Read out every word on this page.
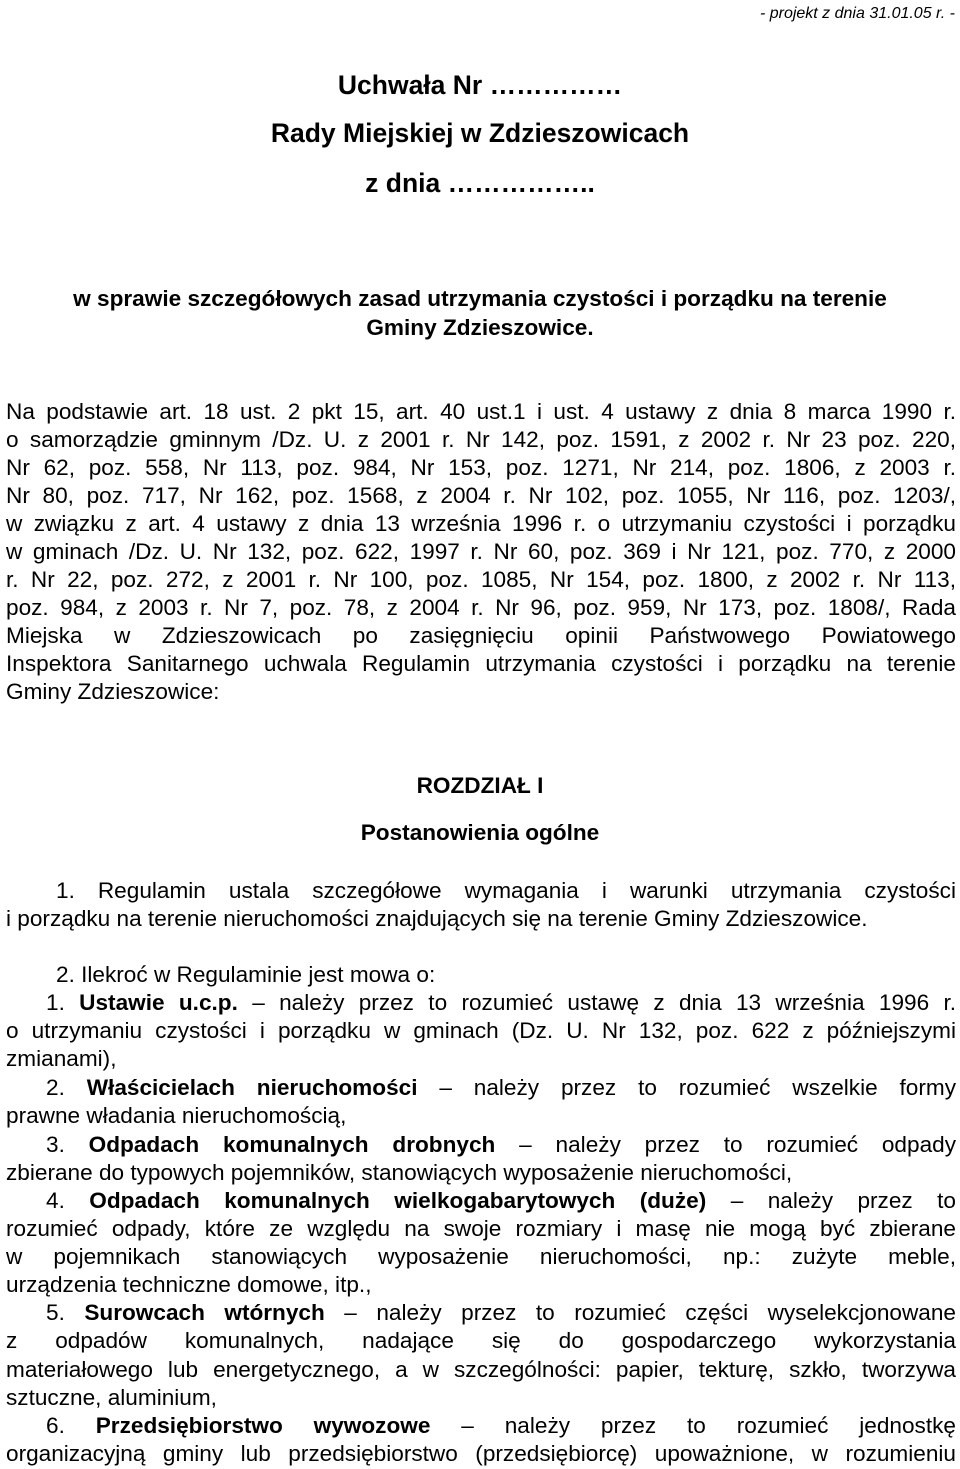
- projekt z dnia 31.01.05 r. -
Uchwała Nr ……………
Rady Miejskiej w Zdzieszowicach
z dnia ……………..
w sprawie szczegółowych zasad utrzymania czystości i porządku na terenie
Gminy Zdzieszowice.
Na podstawie art. 18 ust. 2 pkt 15, art. 40 ust.1 i ust. 4 ustawy z dnia 8 marca 1990 r.
o samorządzie gminnym /Dz. U. z 2001 r. Nr 142, poz. 1591, z 2002 r. Nr 23 poz. 220,
Nr 62, poz. 558, Nr 113, poz. 984, Nr 153, poz. 1271, Nr 214, poz. 1806, z 2003 r.
Nr 80, poz. 717, Nr 162, poz. 1568, z 2004 r. Nr 102, poz. 1055, Nr 116, poz. 1203/,
w związku z art. 4 ustawy z dnia 13 września 1996 r. o utrzymaniu czystości i porządku
w gminach /Dz. U. Nr 132, poz. 622, 1997 r. Nr 60, poz. 369 i Nr 121, poz. 770, z 2000
r. Nr 22, poz. 272, z 2001 r. Nr 100, poz. 1085, Nr 154, poz. 1800, z 2002 r. Nr 113,
poz. 984, z 2003 r. Nr 7, poz. 78, z 2004 r. Nr 96, poz. 959, Nr 173, poz. 1808/, Rada
Miejska w Zdzieszowicach po zasięgnięciu opinii Państwowego Powiatowego
Inspektora Sanitarnego uchwala Regulamin utrzymania czystości i porządku na terenie
Gminy Zdzieszowice:
ROZDZIAŁ I
Postanowienia ogólne
1. Regulamin ustala szczegółowe wymagania i warunki utrzymania czystości
i porządku na terenie nieruchomości znajdujących się na terenie Gminy Zdzieszowice.
2. Ilekroć w Regulaminie jest mowa o:
1. Ustawie u.c.p. – należy przez to rozumieć ustawę z dnia 13 września 1996 r.
o utrzymaniu czystości i porządku w gminach (Dz. U. Nr 132, poz. 622 z późniejszymi
zmianami),
2. Właścicielach nieruchomości – należy przez to rozumieć wszelkie formy
prawne władania nieruchomością,
3. Odpadach komunalnych drobnych – należy przez to rozumieć odpady
zbierane do typowych pojemników, stanowiących wyposażenie nieruchomości,
4. Odpadach komunalnych wielkogabarytowych (duże) – należy przez to
rozumieć odpady, które ze względu na swoje rozmiary i masę nie mogą być zbierane
w pojemnikach stanowiących wyposażenie nieruchomości, np.: zużyte meble,
urządzenia techniczne domowe, itp.,
5. Surowcach wtórnych – należy przez to rozumieć części wyselekcjonowane
z odpadów komunalnych, nadające się do gospodarczego wykorzystania
materiałowego lub energetycznego, a w szczególności: papier, tekturę, szkło, tworzywa
sztuczne, aluminium,
6. Przedsiębiorstwo wywozowe – należy przez to rozumieć jednostkę
organizacyjną gminy lub przedsiębiorstwo (przedsiębiorcę) upoważnione, w rozumieniu
